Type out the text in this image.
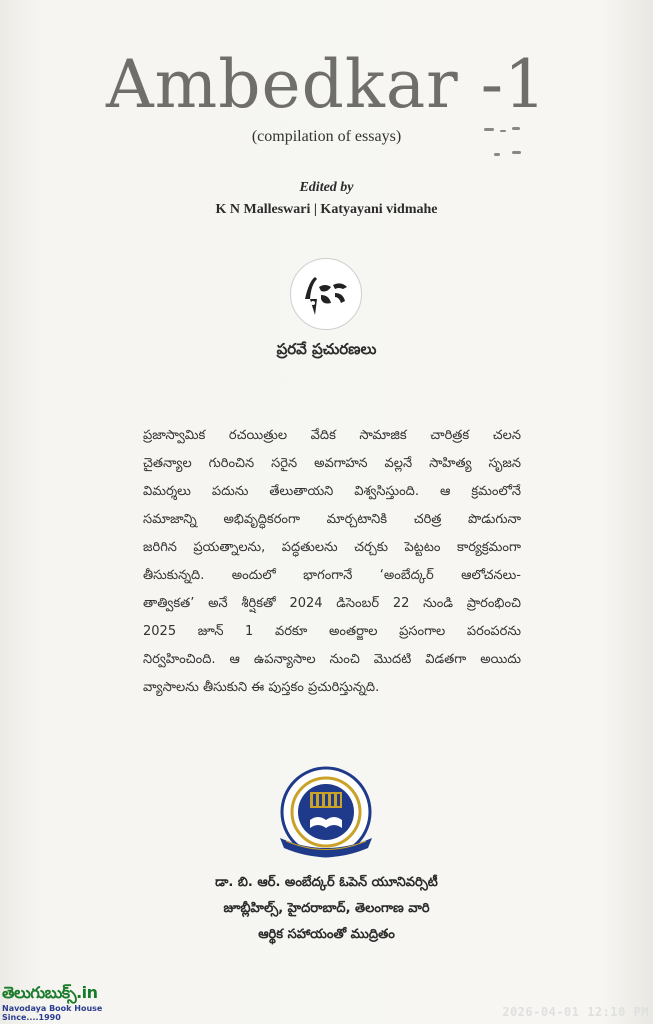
Ambedkar -1
(compilation of essays)
Edited by
K N Malleswari | Katyayani vidmahe
ప్రరవే ప్రచురణలు
ప్రజాస్వామిక రచయిత్రుల వేదిక సామాజిక చారిత్రక చలన
చైతన్యాల గురించిన సరైన అవగాహన వల్లనే సాహిత్య సృజన
విమర్శలు పదును తేలుతాయని విశ్వసిస్తుంది. ఆ క్రమంలోనే
సమాజాన్ని అభివృద్ధికరంగా మార్చటానికి చరిత్ర పొడుగునా
జరిగిన ప్రయత్నాలను, పద్ధతులను చర్చకు పెట్టటం కార్యక్రమంగా
తీసుకున్నది. అందులో భాగంగానే ‘అంబేద్కర్ ఆలోచనలు-
తాత్వికత’ అనే శీర్షికతో 2024 డిసెంబర్ 22 నుండి ప్రారంభించి
2025 జూన్ 1 వరకూ అంతర్జాల ప్రసంగాల పరంపరను
నిర్వహించింది. ఆ ఉపన్యాసాల నుంచి మొదటి విడతగా అయిదు
వ్యాసాలను తీసుకుని ఈ పుస్తకం ప్రచురిస్తున్నది.
డా. బి. ఆర్. అంబేద్కర్ ఓపెన్ యూనివర్సిటీ
జూబ్లీహిల్స్, హైదరాబాద్, తెలంగాణ వారి
ఆర్థిక సహాయంతో ముద్రితం
తెలుగుబుక్స్.in
Navodaya Book House Since....1990	2026-04-01 12:10 PM
